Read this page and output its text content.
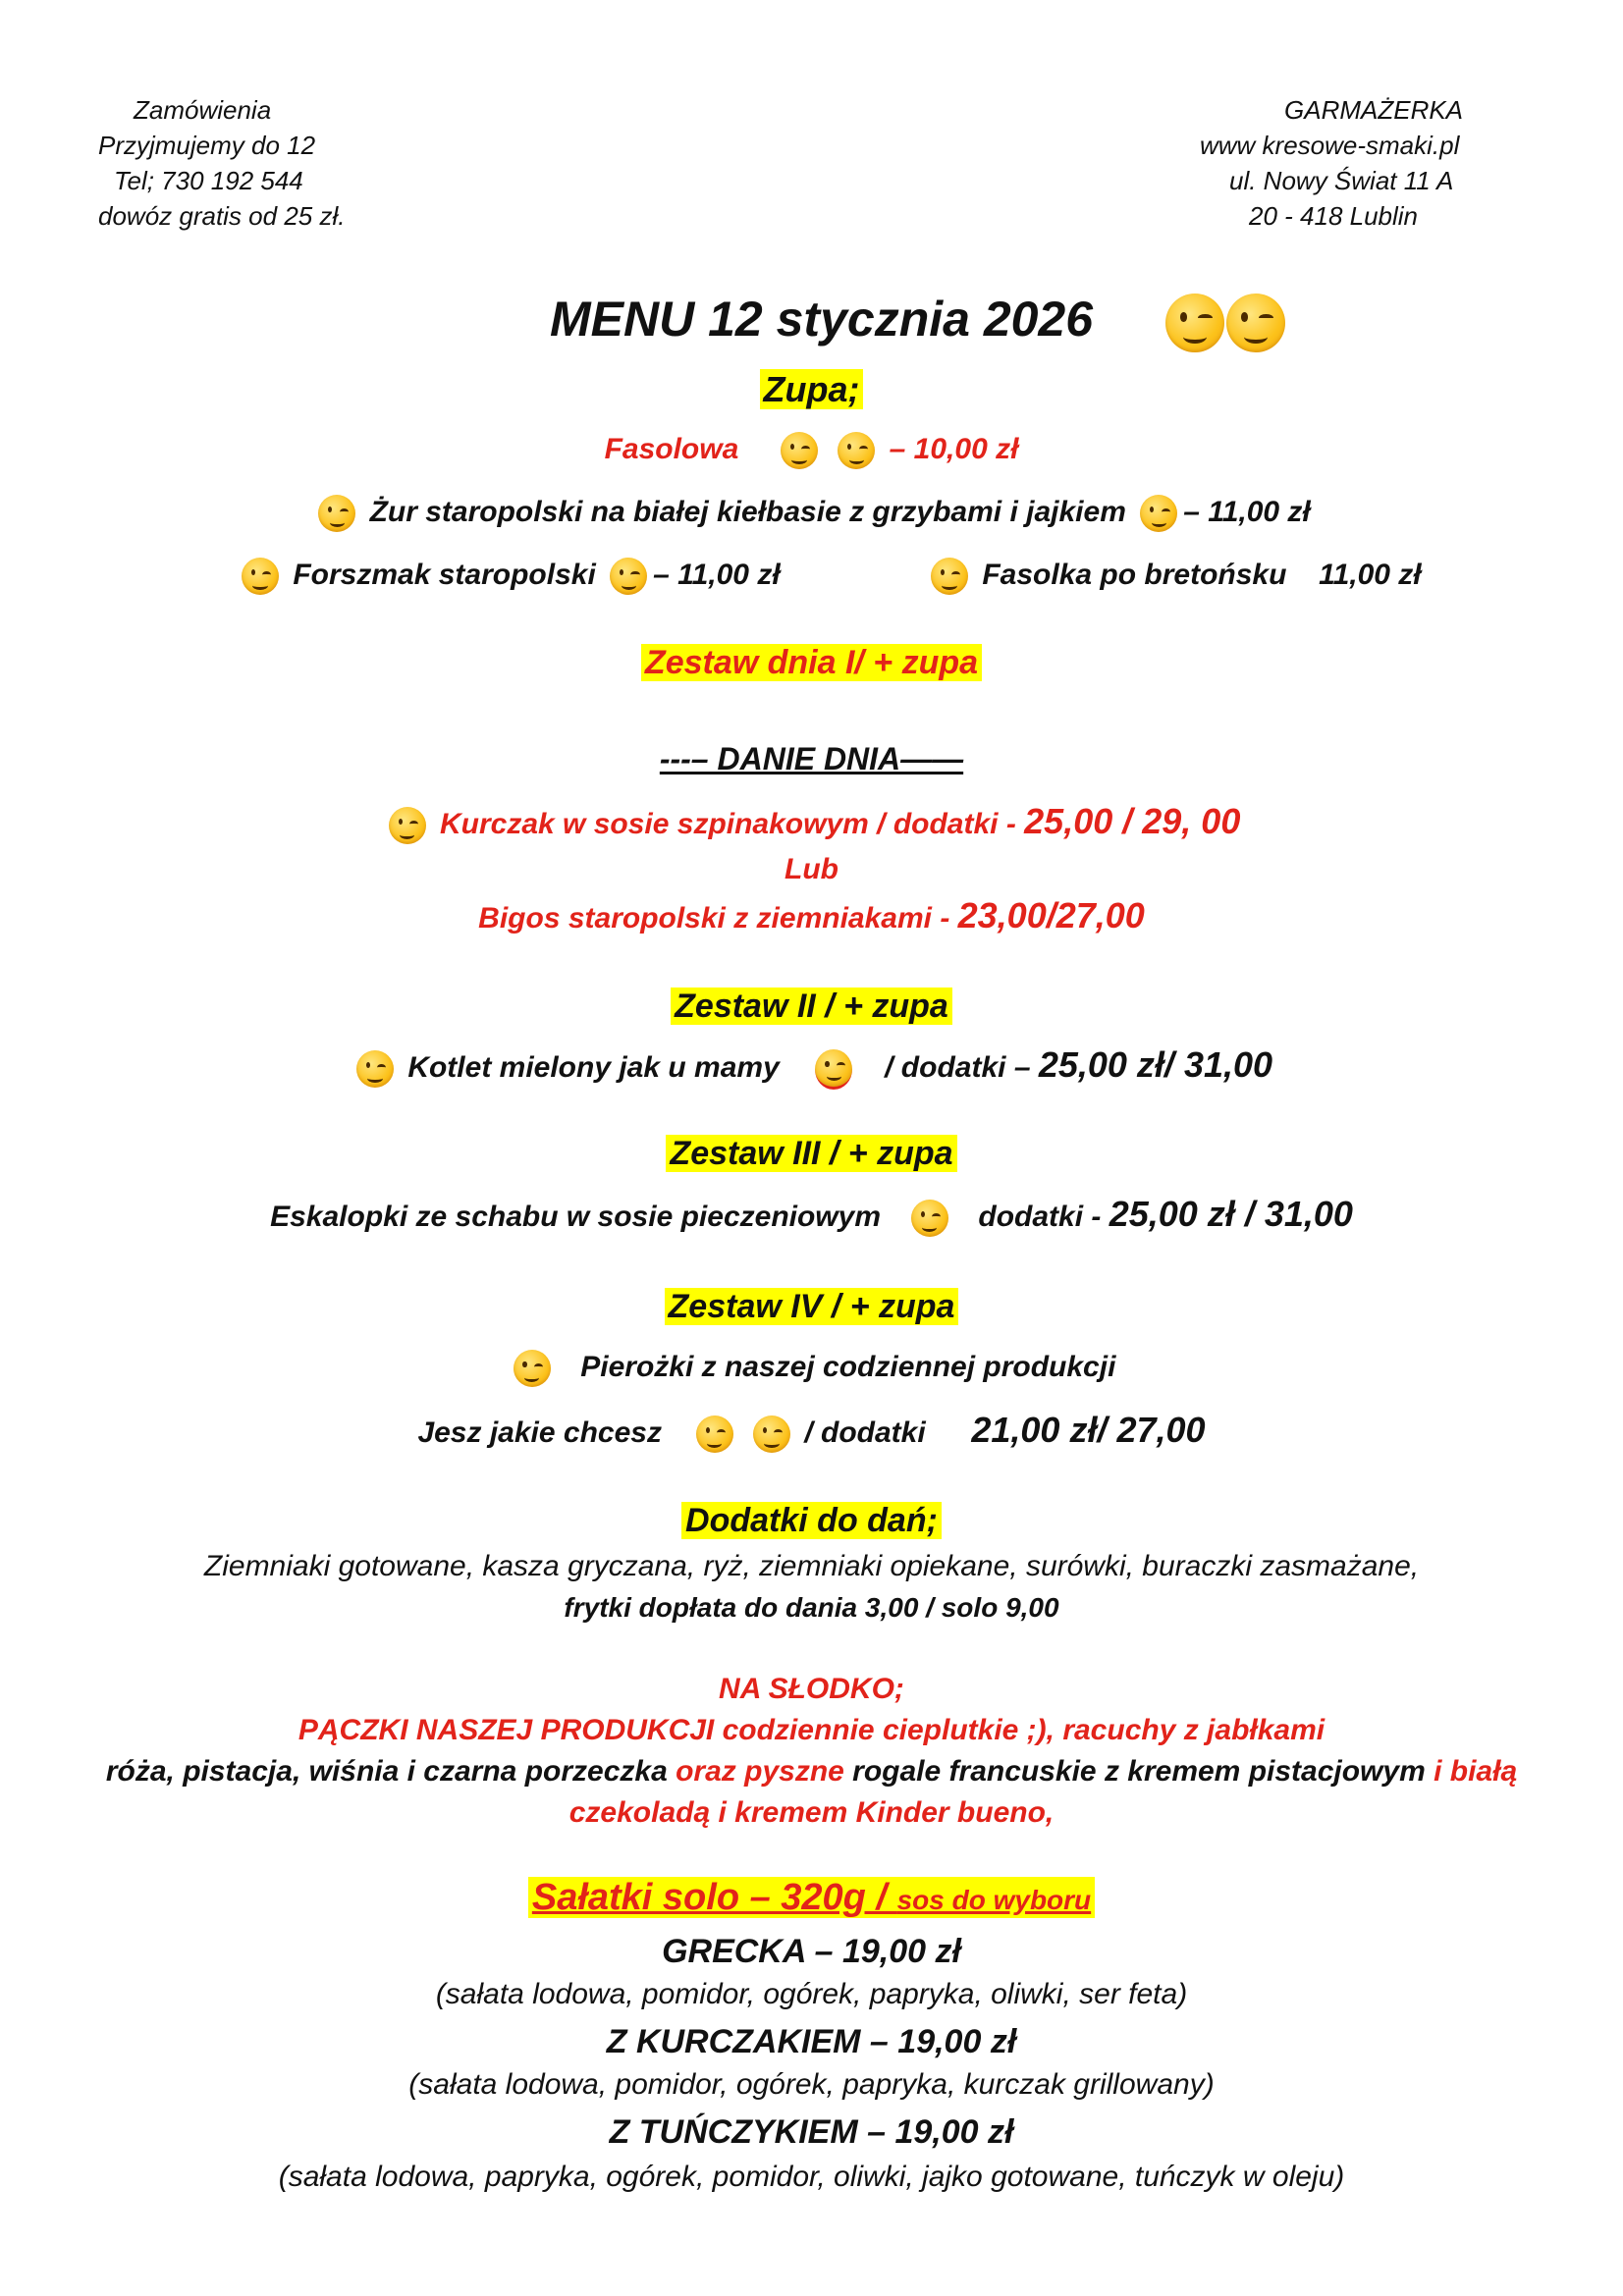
Zamówienia
Przyjmujemy do 12
Tel; 730 192 544
dowóz gratis od 25 zł.
GARMAŻERKA
www kresowe-smaki.pl
ul. Nowy Świat 11 A
20 - 418 Lublin
MENU 12 stycznia 2026
Zupa;
Fasolowa
	– 10,00 zł
Żur staropolski na białej kiełbasie z grzybami i jajkiem – 11,00 zł
Forszmak staropolski – 11,00 zł	Fasolka po bretońsku 11,00 zł
Zestaw dnia I/ + zupa
---– DANIE DNIA——
Kurczak w sosie szpinakowym / dodatki - 25,00 / 29, 00
Lub
Bigos staropolski z ziemniakami - 23,00/27,00
Zestaw II / + zupa
Kotlet mielony jak u mamy	/ dodatki – 25,00 zł/ 31,00
Zestaw III / + zupa
Eskalopki ze schabu w sosie pieczeniowym	dodatki - 25,00 zł / 31,00
Zestaw IV / + zupa
Pierożki z naszej codziennej produkcji
Jesz jakie chcesz
	/ dodatki 21,00 zł/ 27,00
Dodatki do dań;
Ziemniaki gotowane, kasza gryczana, ryż, ziemniaki opiekane, surówki, buraczki zasmażane,
frytki dopłata do dania 3,00 / solo 9,00
NA SŁODKO;
PĄCZKI NASZEJ PRODUKCJI codziennie cieplutkie ;), racuchy z jabłkami
róża, pistacja, wiśnia i czarna porzeczka oraz pyszne rogale francuskie z kremem pistacjowym i białą
czekoladą i kremem Kinder bueno,
Sałatki solo – 320g / sos do wyboru
GRECKA – 19,00 zł
(sałata lodowa, pomidor, ogórek, papryka, oliwki, ser feta)
Z KURCZAKIEM – 19,00 zł
(sałata lodowa, pomidor, ogórek, papryka, kurczak grillowany)
Z TUŃCZYKIEM – 19,00 zł
(sałata lodowa, papryka, ogórek, pomidor, oliwki, jajko gotowane, tuńczyk w oleju)
